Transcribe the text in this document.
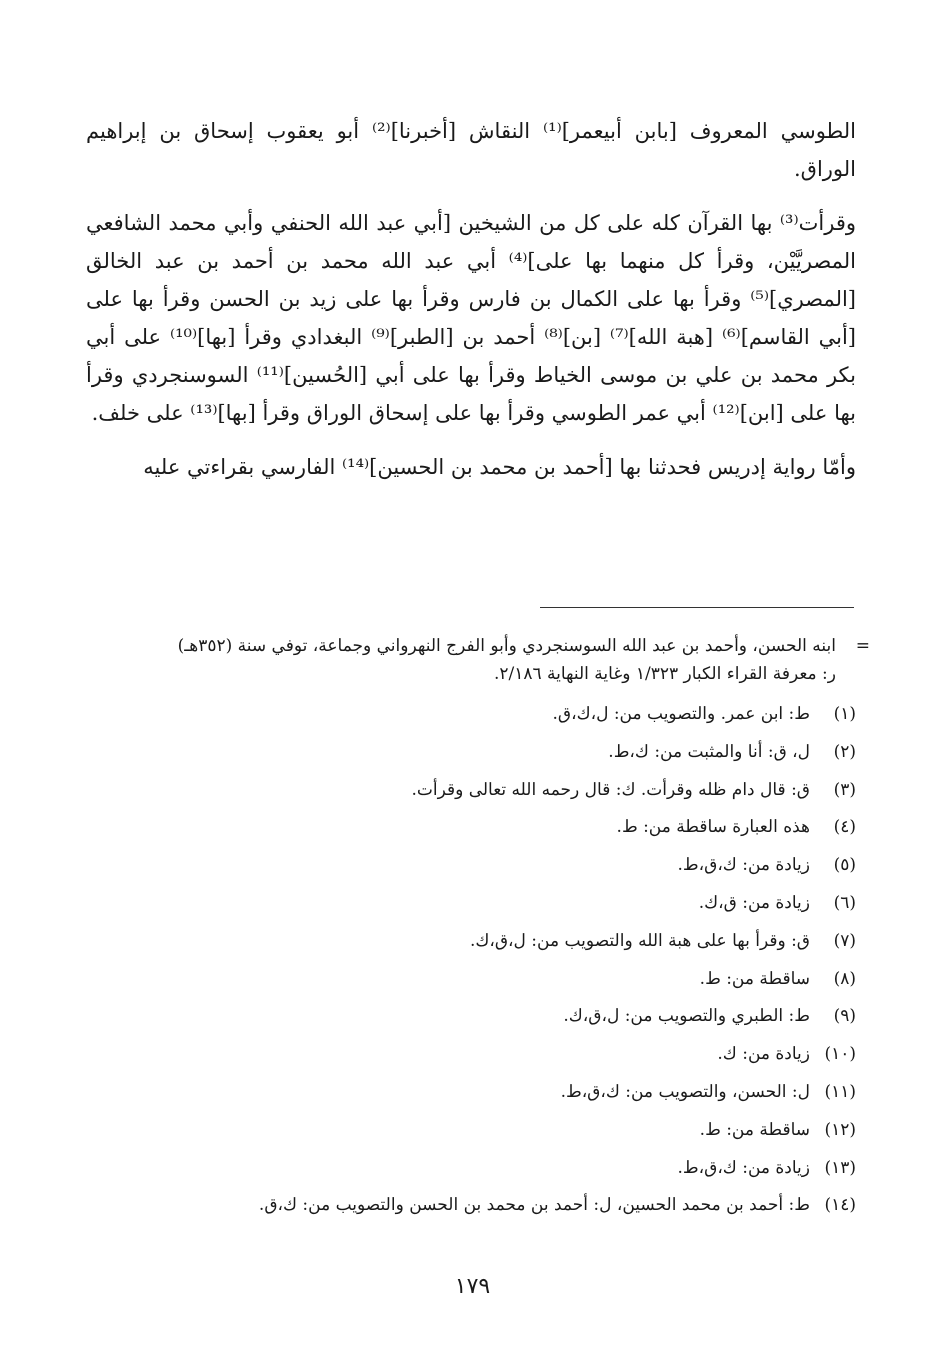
الطوسي المعروف [بابن أبيعمر]⁽¹⁾ النقاش [أخبرنا]⁽²⁾ أبو يعقوب إسحاق بن إبراهيم الوراق.

وقرأت⁽³⁾ بها القرآن كله على كل من الشيخين [أبي عبد الله الحنفي وأبي محمد الشافعي المصريَّيْن، وقرأ كل منهما بها على]⁽⁴⁾ أبي عبد الله محمد بن أحمد بن عبد الخالق [المصري]⁽⁵⁾ وقرأ بها على الكمال بن فارس وقرأ بها على زيد بن الحسن وقرأ بها على [أبي القاسم]⁽⁶⁾ [هبة الله]⁽⁷⁾ [بن]⁽⁸⁾ أحمد بن [الطبر]⁽⁹⁾ البغدادي وقرأ [بها]⁽¹⁰⁾ على أبي بكر محمد بن علي بن موسى الخياط وقرأ بها على أبي [الحُسين]⁽¹¹⁾ السوسنجردي وقرأ بها على [ابن]⁽¹²⁾ أبي عمر الطوسي وقرأ بها على إسحاق الوراق وقرأ [بها]⁽¹³⁾ على خلف.

وأمّا رواية إدريس فحدثنا بها [أحمد بن محمد بن الحسين]⁽¹⁴⁾ الفارسي بقراءتي عليه

=
ابنه الحسن، وأحمد بن عبد الله السوسنجردي وأبو الفرج النهرواني وجماعة، توفي سنة (٣٥٢هـ)
ر: معرفة القراء الكبار ١/٣٢٣ وغاية النهاية ٢/١٨٦.
(١)
ط: ابن عمر. والتصويب من: ل،ك،ق.
(٢)
ل، ق: أنا والمثبت من: ك،ط.
(٣)
ق: قال دام ظله وقرأت. ك: قال رحمه الله تعالى وقرأت.
(٤)
هذه العبارة ساقطة من: ط.
(٥)
زيادة من: ك،ق،ط.
(٦)
زيادة من: ق،ك.
(٧)
ق: وقرأ بها على هبة الله والتصويب من: ل،ق،ك.
(٨)
ساقطة من: ط.
(٩)
ط: الطبري والتصويب من: ل،ق،ك.
(١٠)
زيادة من: ك.
(١١)
ل: الحسن، والتصويب من: ك،ق،ط.
(١٢)
ساقطة من: ط.
(١٣)
زيادة من: ك،ق،ط.
(١٤)
ط: أحمد بن محمد الحسين، ل: أحمد بن محمد بن الحسن والتصويب من: ك،ق.
١٧٩
